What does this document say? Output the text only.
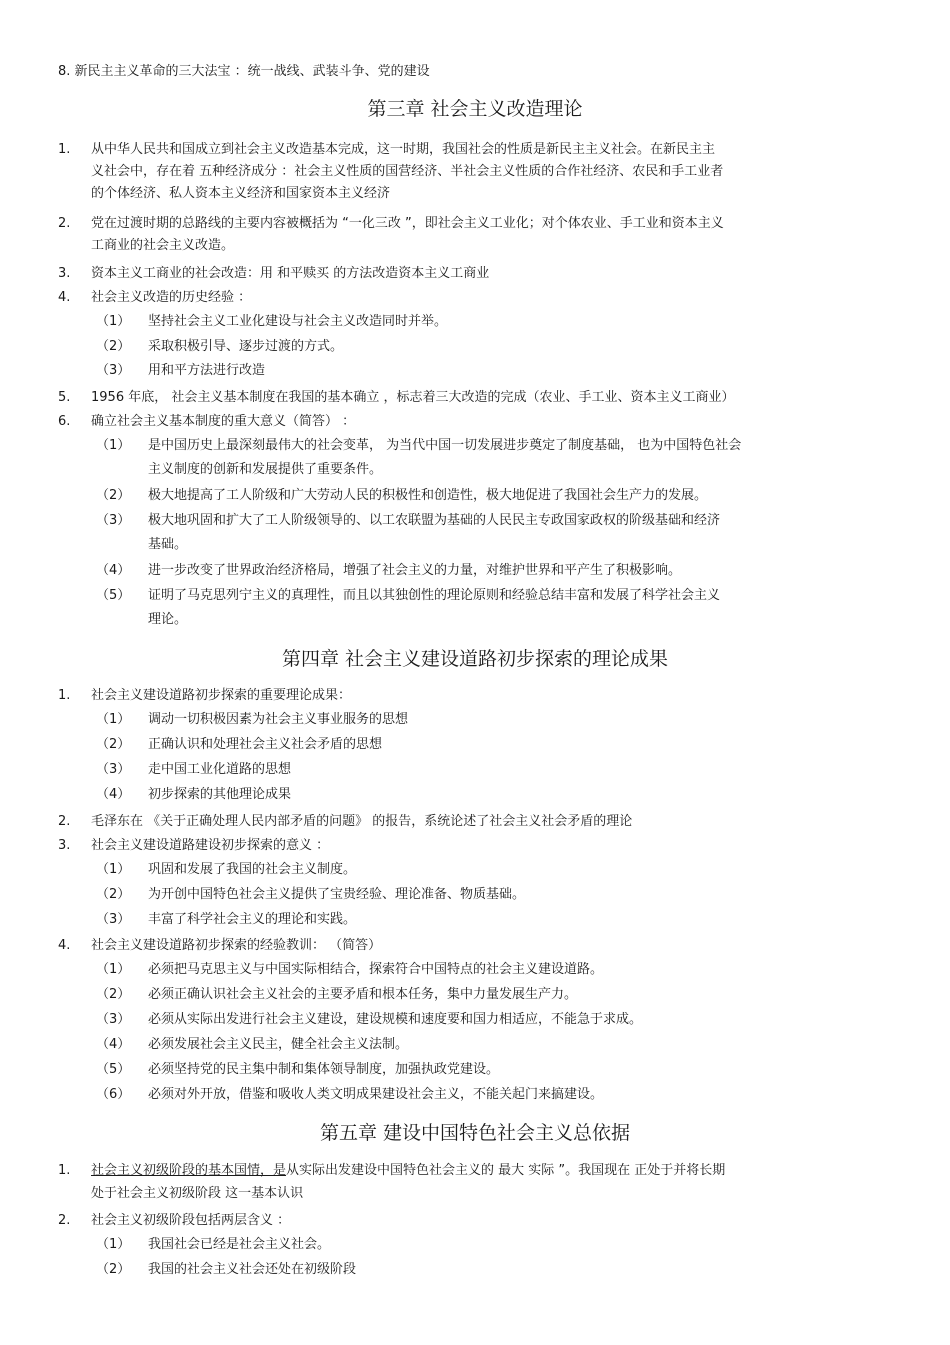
8. 新民主主义革命的三大法宝 ：统一战线、武装斗争、党的建设
第三章 社会主义改造理论
1. 从中华人民共和国成立到社会主义改造基本完成，这一时期，我国社会的性质是新民主主义社会。在新民主主
义社会中，存在着 五种经济成分 ：社会主义性质的国营经济、半社会主义性质的合作社经济、农民和手工业者
的个体经济、私人资本主义经济和国家资本主义经济
2. 党在过渡时期的总路线的主要内容被概括为 “一化三改 ”，即社会主义工业化；对个体农业、手工业和资本主义
工商业的社会主义改造。
3. 资本主义工商业的社会改造：用 和平赎买 的方法改造资本主义工商业
4. 社会主义改造的历史经验 ：
（1） 坚持社会主义工业化建设与社会主义改造同时并举。
（2） 采取积极引导、逐步过渡的方式。
（3） 用和平方法进行改造
5. 1956 年底， 社会主义基本制度在我国的基本确立 ，标志着三大改造的完成（农业、手工业、资本主义工商业）
6. 确立社会主义基本制度的重大意义（简答） ：
（1） 是中国历史上最深刻最伟大的社会变革， 为当代中国一切发展进步奠定了制度基础， 也为中国特色社会
主义制度的创新和发展提供了重要条件。
（2） 极大地提高了工人阶级和广大劳动人民的积极性和创造性，极大地促进了我国社会生产力的发展。
（3） 极大地巩固和扩大了工人阶级领导的、以工农联盟为基础的人民民主专政国家政权的阶级基础和经济
基础。
（4） 进一步改变了世界政治经济格局，增强了社会主义的力量，对维护世界和平产生了积极影响。
（5） 证明了马克思列宁主义的真理性，而且以其独创性的理论原则和经验总结丰富和发展了科学社会主义
理论。
第四章 社会主义建设道路初步探索的理论成果
1. 社会主义建设道路初步探索的重要理论成果：
（1） 调动一切积极因素为社会主义事业服务的思想
（2） 正确认识和处理社会主义社会矛盾的思想
（3） 走中国工业化道路的思想
（4） 初步探索的其他理论成果
2. 毛泽东在 《关于正确处理人民内部矛盾的问题》 的报告，系统论述了社会主义社会矛盾的理论
3. 社会主义建设道路建设初步探索的意义 ：
（1） 巩固和发展了我国的社会主义制度。
（2） 为开创中国特色社会主义提供了宝贵经验、理论准备、物质基础。
（3） 丰富了科学社会主义的理论和实践。
4. 社会主义建设道路初步探索的经验教训： （简答）
（1） 必须把马克思主义与中国实际相结合，探索符合中国特点的社会主义建设道路。
（2） 必须正确认识社会主义社会的主要矛盾和根本任务，集中力量发展生产力。
（3） 必须从实际出发进行社会主义建设，建设规模和速度要和国力相适应，不能急于求成。
（4） 必须发展社会主义民主，健全社会主义法制。
（5） 必须坚持党的民主集中制和集体领导制度，加强执政党建设。
（6） 必须对外开放，借鉴和吸收人类文明成果建设社会主义，不能关起门来搞建设。
第五章 建设中国特色社会主义总依据
1. 社会主义初级阶段的基本国情，是从实际出发建设中国特色社会主义的 最大 实际 ”。我国现在 正处于并将长期
处于社会主义初级阶段 这一基本认识
2. 社会主义初级阶段包括两层含义 ：
（1） 我国社会已经是社会主义社会。
（2） 我国的社会主义社会还处在初级阶段
